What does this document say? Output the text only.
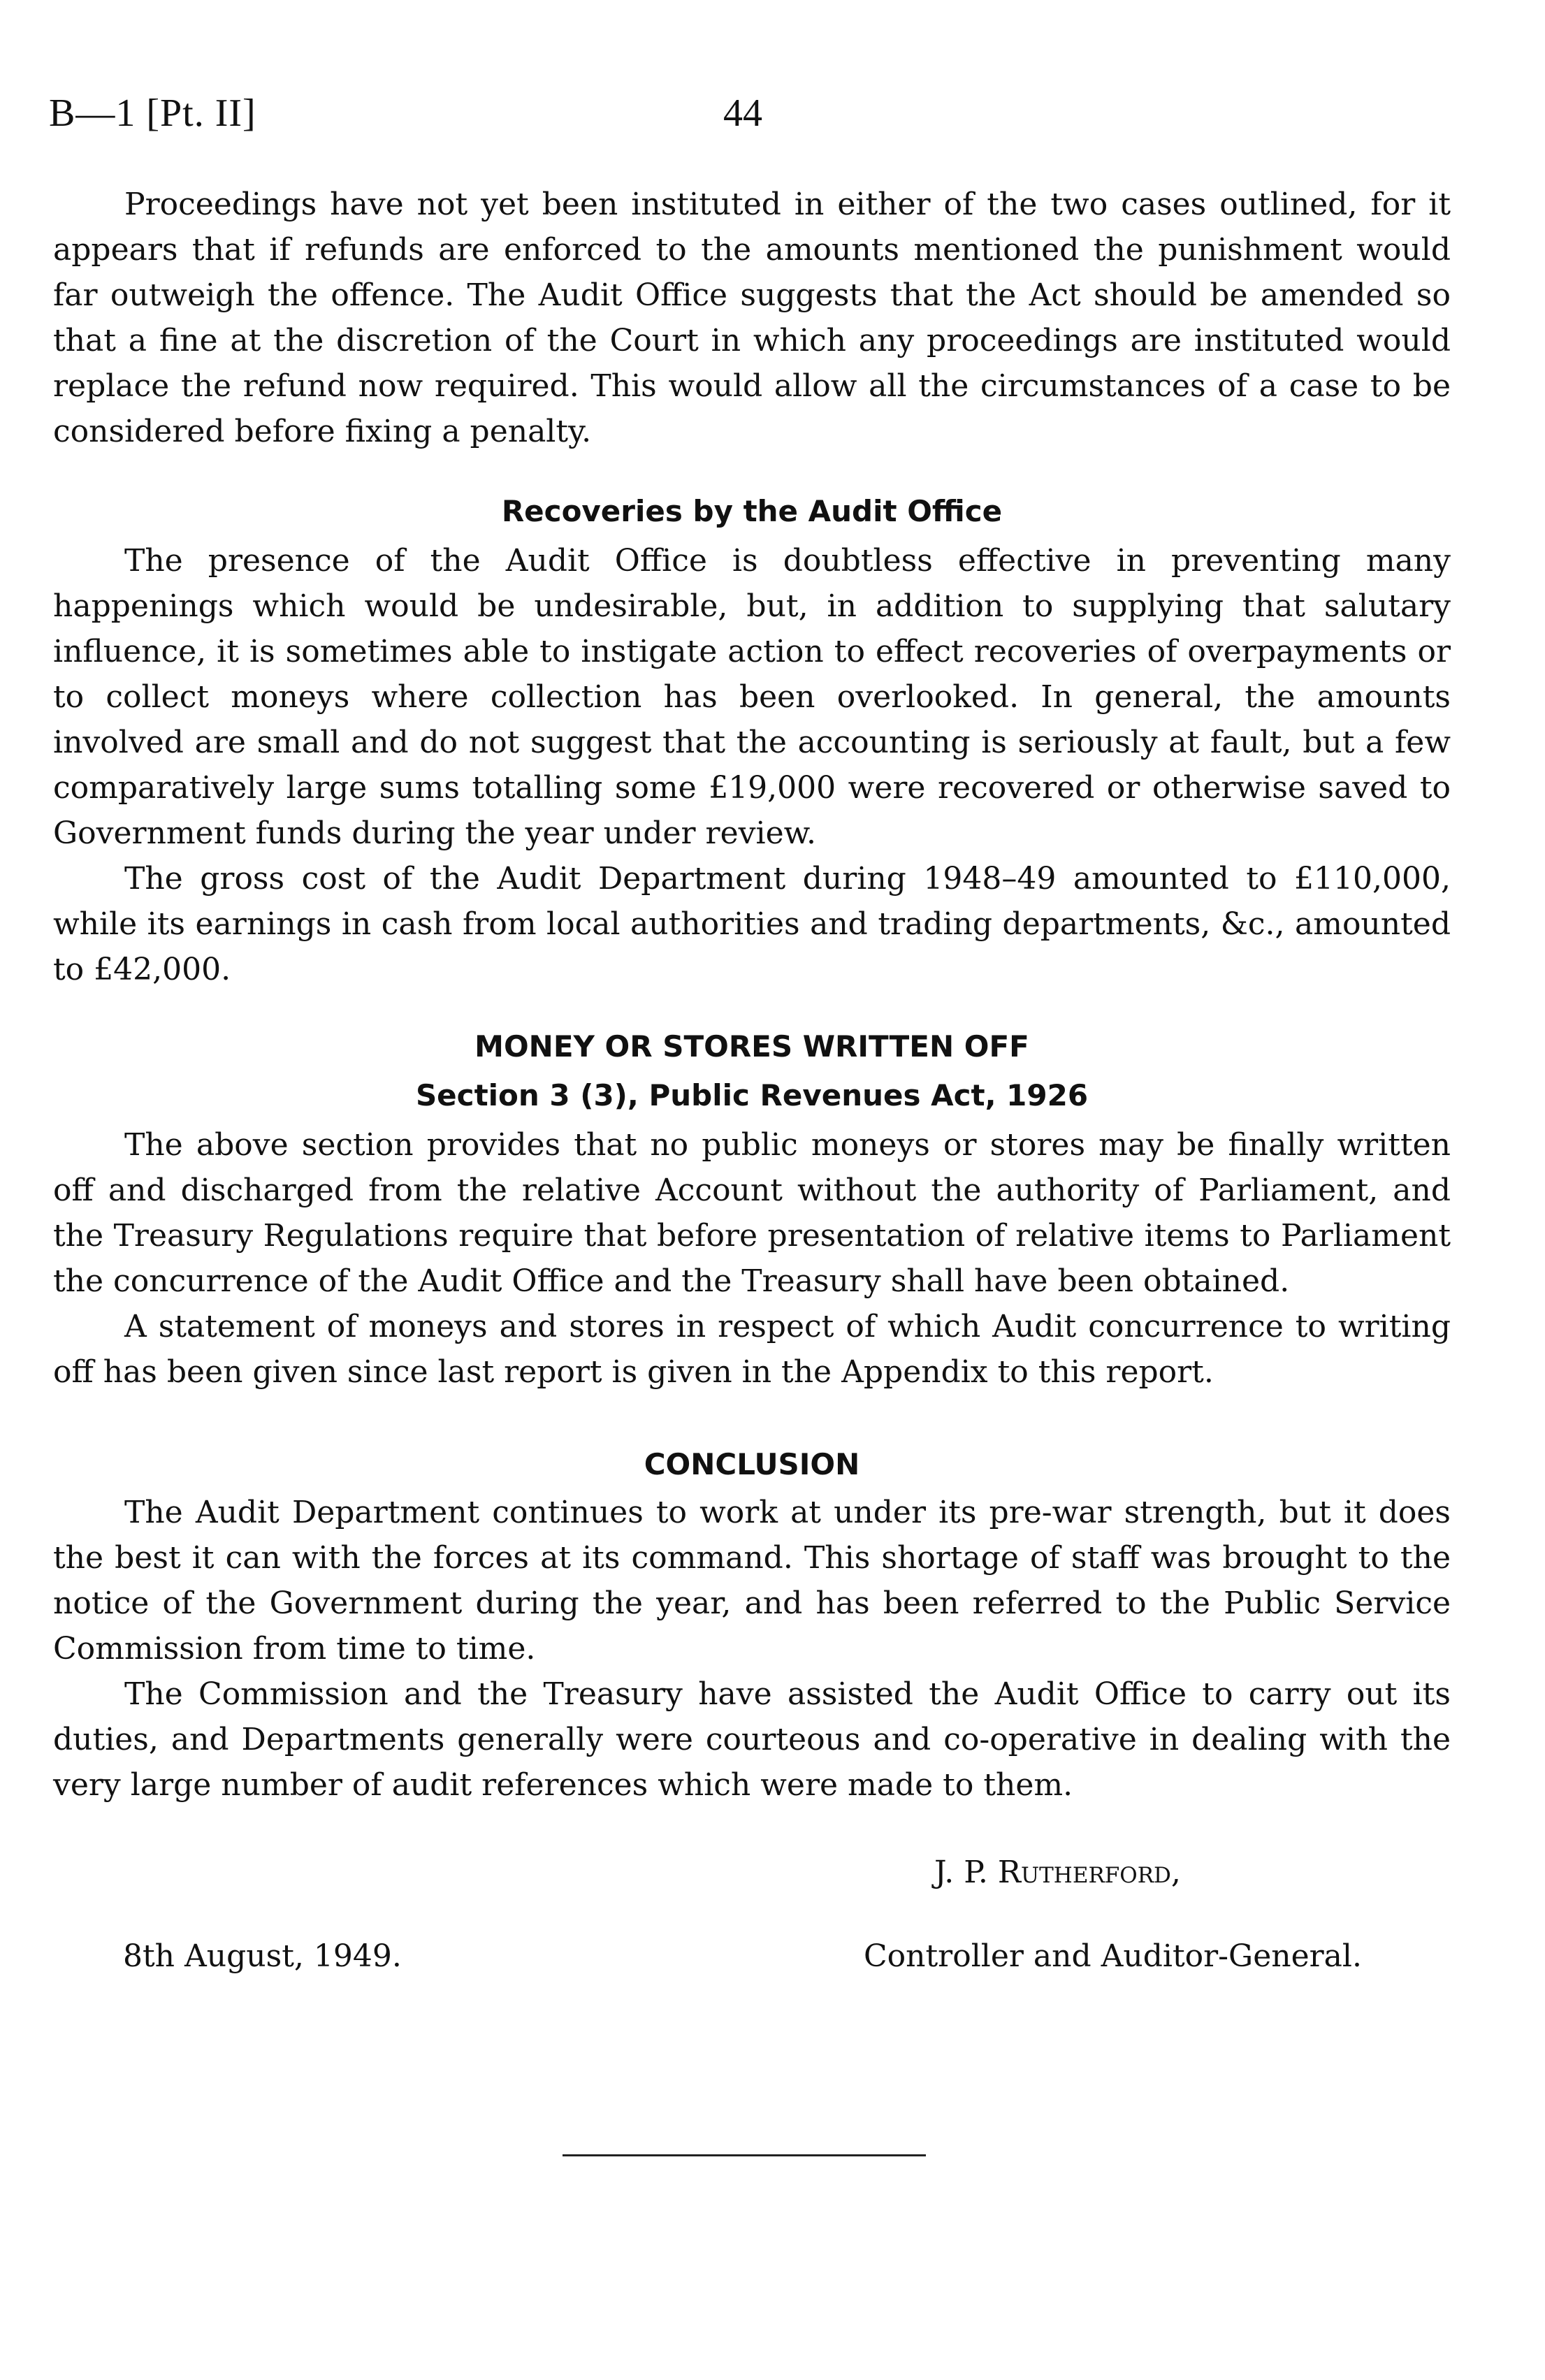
B—1 [Pt. II]	44

Proceedings have not yet been instituted in either of the two cases outlined, for it appears that if refunds are enforced to the amounts mentioned the punishment would far outweigh the offence. The Audit Office suggests that the Act should be amended so that a fine at the discretion of the Court in which any proceedings are instituted would replace the refund now required. This would allow all the circumstances of a case to be considered before fixing a penalty.

Recoveries by the Audit Office

The presence of the Audit Office is doubtless effective in preventing many happenings which would be undesirable, but, in addition to supplying that salutary influence, it is sometimes able to instigate action to effect recoveries of overpayments or to collect moneys where collection has been overlooked. In general, the amounts involved are small and do not suggest that the accounting is seriously at fault, but a few comparatively large sums totalling some £19,000 were recovered or otherwise saved to Government funds during the year under review.

The gross cost of the Audit Department during 1948–49 amounted to £110,000, while its earnings in cash from local authorities and trading departments, &c., amounted to £42,000.

MONEY OR STORES WRITTEN OFF
Section 3 (3), Public Revenues Act, 1926

The above section provides that no public moneys or stores may be finally written off and discharged from the relative Account without the authority of Parliament, and the Treasury Regulations require that before presentation of relative items to Parliament the concurrence of the Audit Office and the Treasury shall have been obtained.

A statement of moneys and stores in respect of which Audit concurrence to writing off has been given since last report is given in the Appendix to this report.

CONCLUSION

The Audit Department continues to work at under its pre-war strength, but it does the best it can with the forces at its command. This shortage of staff was brought to the notice of the Government during the year, and has been referred to the Public Service Commission from time to time.

The Commission and the Treasury have assisted the Audit Office to carry out its duties, and Departments generally were courteous and co-operative in dealing with the very large number of audit references which were made to them.

J. P. Rutherford,
8th August, 1949.	Controller and Auditor-General.
